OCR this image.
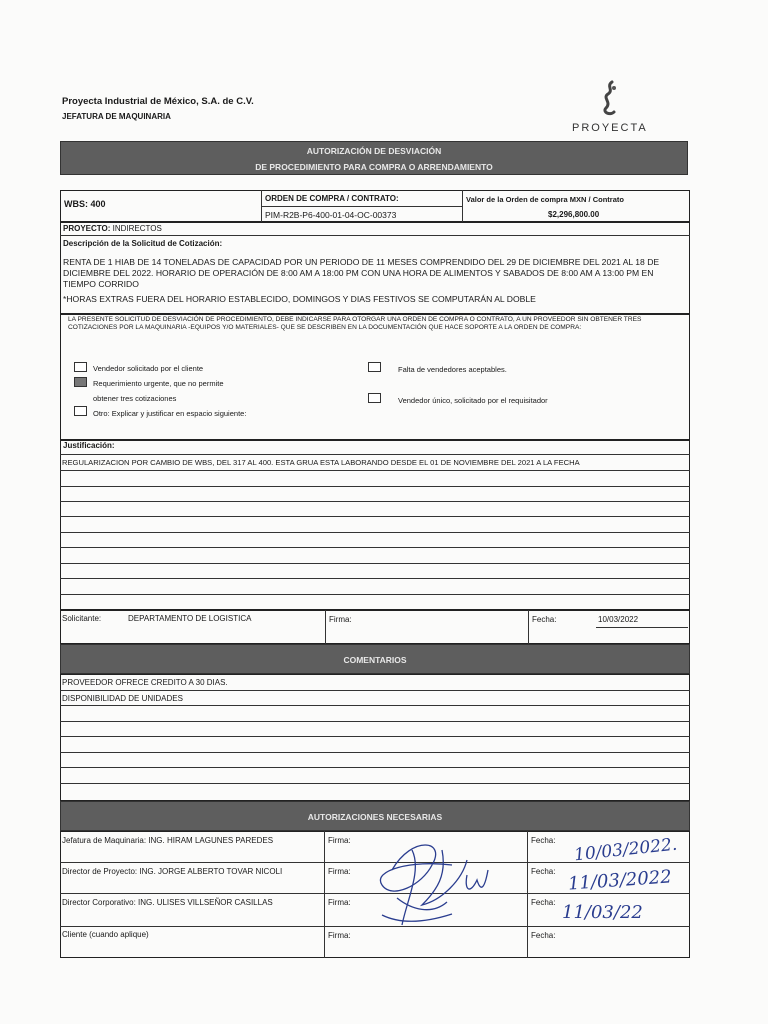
Proyecta Industrial de México, S.A. de C.V.
JEFATURA DE MAQUINARIA
PROYECTA
AUTORIZACIÓN DE DESVIACIÓN
DE PROCEDIMIENTO PARA COMPRA O ARRENDAMIENTO
WBS: 400
ORDEN DE COMPRA / CONTRATO:
PIM-R2B-P6-400-01-04-OC-00373
Valor de la Orden de compra MXN / Contrato
$2,296,800.00
PROYECTO: INDIRECTOS
Descripción de la Solicitud de Cotización:
RENTA DE 1 HIAB DE 14 TONELADAS DE CAPACIDAD POR UN PERIODO DE 11 MESES COMPRENDIDO DEL 29 DE DICIEMBRE DEL 2021 AL 18 DE DICIEMBRE DEL 2022. HORARIO DE OPERACIÓN DE 8:00 AM A 18:00 PM CON UNA HORA DE ALIMENTOS Y SABADOS DE 8:00 AM A 13:00 PM EN TIEMPO CORRIDO
*HORAS EXTRAS FUERA DEL HORARIO ESTABLECIDO, DOMINGOS Y DIAS FESTIVOS SE COMPUTARÁN AL DOBLE
LA PRESENTE SOLICITUD DE DESVIACIÓN DE PROCEDIMIENTO, DEBE INDICARSE PARA OTORGAR UNA ORDEN DE COMPRA O CONTRATO, A UN PROVEEDOR SIN OBTENER TRES COTIZACIONES POR LA MAQUINARIA -EQUIPOS Y/O MATERIALES- QUE SE DESCRIBEN EN LA DOCUMENTACIÓN QUE HACE SOPORTE A LA ORDEN DE COMPRA:
Vendedor solicitado por el cliente
Requerimiento urgente, que no permite
obtener tres cotizaciones
Otro: Explicar y justificar en espacio siguiente:
Falta de vendedores aceptables.
Vendedor único, solicitado por el requisitador
Justificación:
REGULARIZACION POR CAMBIO DE WBS, DEL 317 AL 400. ESTA GRUA ESTA LABORANDO DESDE EL 01 DE NOVIEMBRE DEL 2021 A LA FECHA
Solicitante:	DEPARTAMENTO DE LOGISTICA	Firma:	Fecha:	10/03/2022
COMENTARIOS
PROVEEDOR OFRECE CREDITO A 30 DIAS.
DISPONIBILIDAD DE UNIDADES
AUTORIZACIONES NECESARIAS
Jefatura de Maquinaria: ING. HIRAM LAGUNES PAREDES	Firma:	Fecha: 10/03/2022.
Director de Proyecto: ING. JORGE ALBERTO TOVAR NICOLI	Firma:	Fecha: 11/03/2022
Director Corporativo: ING. ULISES VILLSEÑOR CASILLAS	Firma:	Fecha: 11/03/22
Cliente (cuando aplique)	Firma:	Fecha:
